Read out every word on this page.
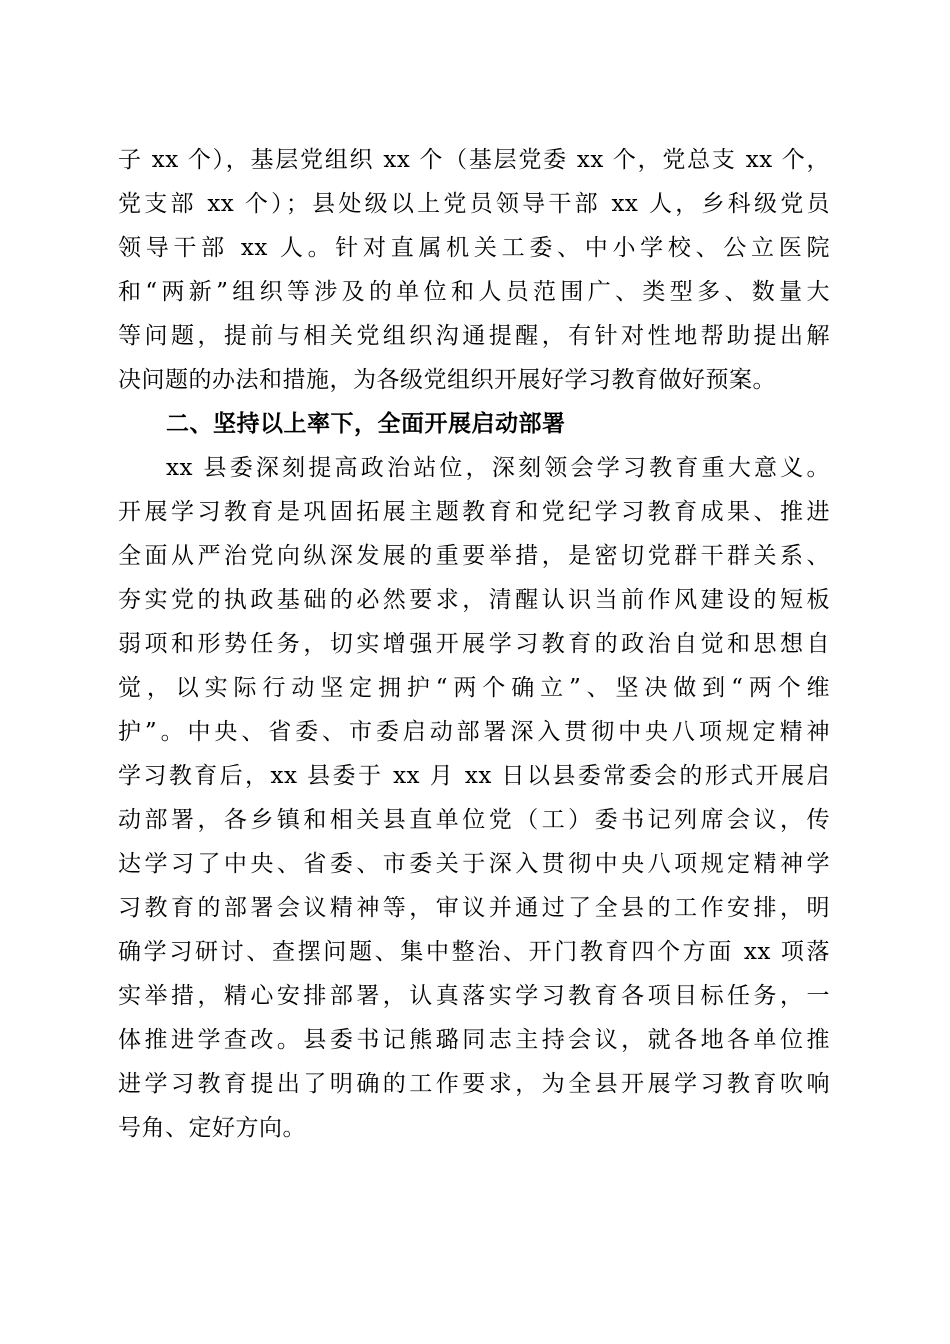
子 xx 个），基层党组织 xx 个（基层党委 xx 个，党总支 xx 个，
党支部 xx 个）；县处级以上党员领导干部 xx 人，乡科级党员
领导干部 xx 人。针对直属机关工委、中小学校、公立医院
和“两新”组织等涉及的单位和人员范围广、类型多、数量大
等问题，提前与相关党组织沟通提醒，有针对性地帮助提出解
决问题的办法和措施，为各级党组织开展好学习教育做好预案。
二、坚持以上率下，全面开展启动部署
xx 县委深刻提高政治站位，深刻领会学习教育重大意义。
开展学习教育是巩固拓展主题教育和党纪学习教育成果、推进
全面从严治党向纵深发展的重要举措，是密切党群干群关系、
夯实党的执政基础的必然要求，清醒认识当前作风建设的短板
弱项和形势任务，切实增强开展学习教育的政治自觉和思想自
觉，以实际行动坚定拥护“两个确立”、坚决做到“两个维
护”。中央、省委、市委启动部署深入贯彻中央八项规定精神
学习教育后，xx 县委于 xx 月 xx 日以县委常委会的形式开展启
动部署，各乡镇和相关县直单位党（工）委书记列席会议，传
达学习了中央、省委、市委关于深入贯彻中央八项规定精神学
习教育的部署会议精神等，审议并通过了全县的工作安排，明
确学习研讨、查摆问题、集中整治、开门教育四个方面 xx 项落
实举措，精心安排部署，认真落实学习教育各项目标任务，一
体推进学查改。县委书记熊璐同志主持会议，就各地各单位推
进学习教育提出了明确的工作要求，为全县开展学习教育吹响
号角、定好方向。
